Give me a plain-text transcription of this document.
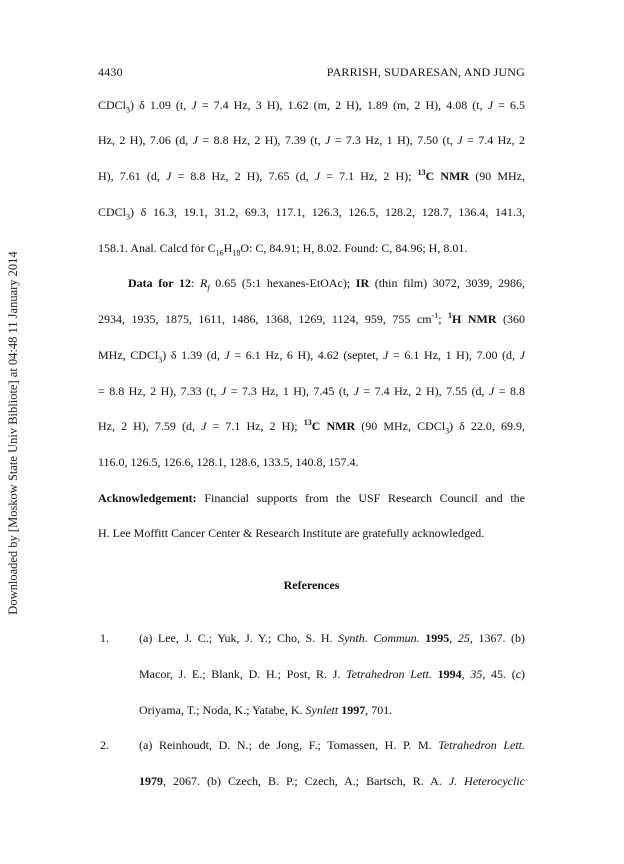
Downloaded by [Moskow State Univ Bibliote] at 04:48 11 January 2014
4430	PARRISH, SUDARESAN, AND JUNG
CDCl$_3$) δ 1.09 (t, J = 7.4 Hz, 3 H), 1.62 (m, 2 H), 1.89 (m, 2 H), 4.08 (t, J = 6.5
Hz, 2 H), 7.06 (d, J = 8.8 Hz, 2 H), 7.39 (t, J = 7.3 Hz, 1 H), 7.50 (t, J = 7.4 Hz, 2
H), 7.61 (d, J = 8.8 Hz, 2 H), 7.65 (d, J = 7.1 Hz, 2 H); $^{13}$C NMR (90 MHz,
CDCl$_3$) δ 16.3, 19.1, 31.2, 69.3, 117.1, 126.3, 126.5, 128.2, 128.7, 136.4, 141.3,
158.1. Anal. Calcd for $C_{16}H_{18}O$: C, 84.91; H, 8.02. Found: C, 84.96; H, 8.01.
Data for 12: $R_f$ 0.65 (5:1 hexanes-EtOAc); IR (thin film) 3072, 3039, 2986,
2934, 1935, 1875, 1611, 1486, 1368, 1269, 1124, 959, 755 $cm^{-1}$; $^1$H NMR (360
MHz, CDCl$_3$) δ 1.39 (d, J = 6.1 Hz, 6 H), 4.62 (septet, J = 6.1 Hz, 1 H), 7.00 (d, J
= 8.8 Hz, 2 H), 7.33 (t, J = 7.3 Hz, 1 H), 7.45 (t, J = 7.4 Hz, 2 H), 7.55 (d, J = 8.8
Hz, 2 H), 7.59 (d, J = 7.1 Hz, 2 H); $^{13}$C NMR (90 MHz, CDCl$_3$) δ 22.0, 69.9,
116.0, 126.5, 126.6, 128.1, 128.6, 133.5, 140.8, 157.4.
Acknowledgement: Financial supports from the USF Research Council and the
H. Lee Moffitt Cancer Center & Research Institute are gratefully acknowledged.
References
1.	(a) Lee, J. C.; Yuk, J. Y.; Cho, S. H. Synth. Commun. 1995, 25, 1367. (b)
Macor, J. E.; Blank, D. H.; Post, R. J. Tetrahedron Lett. 1994, 35, 45. (c)
Oriyama, T.; Noda, K.; Yatabe, K. Synlett 1997, 701.
2.	(a) Reinhoudt, D. N.; de Jong, F.; Tomassen, H. P. M. Tetrahedron Lett.
1979, 2067. (b) Czech, B. P.; Czech, A.; Bartsch, R. A. J. Heterocyclic
